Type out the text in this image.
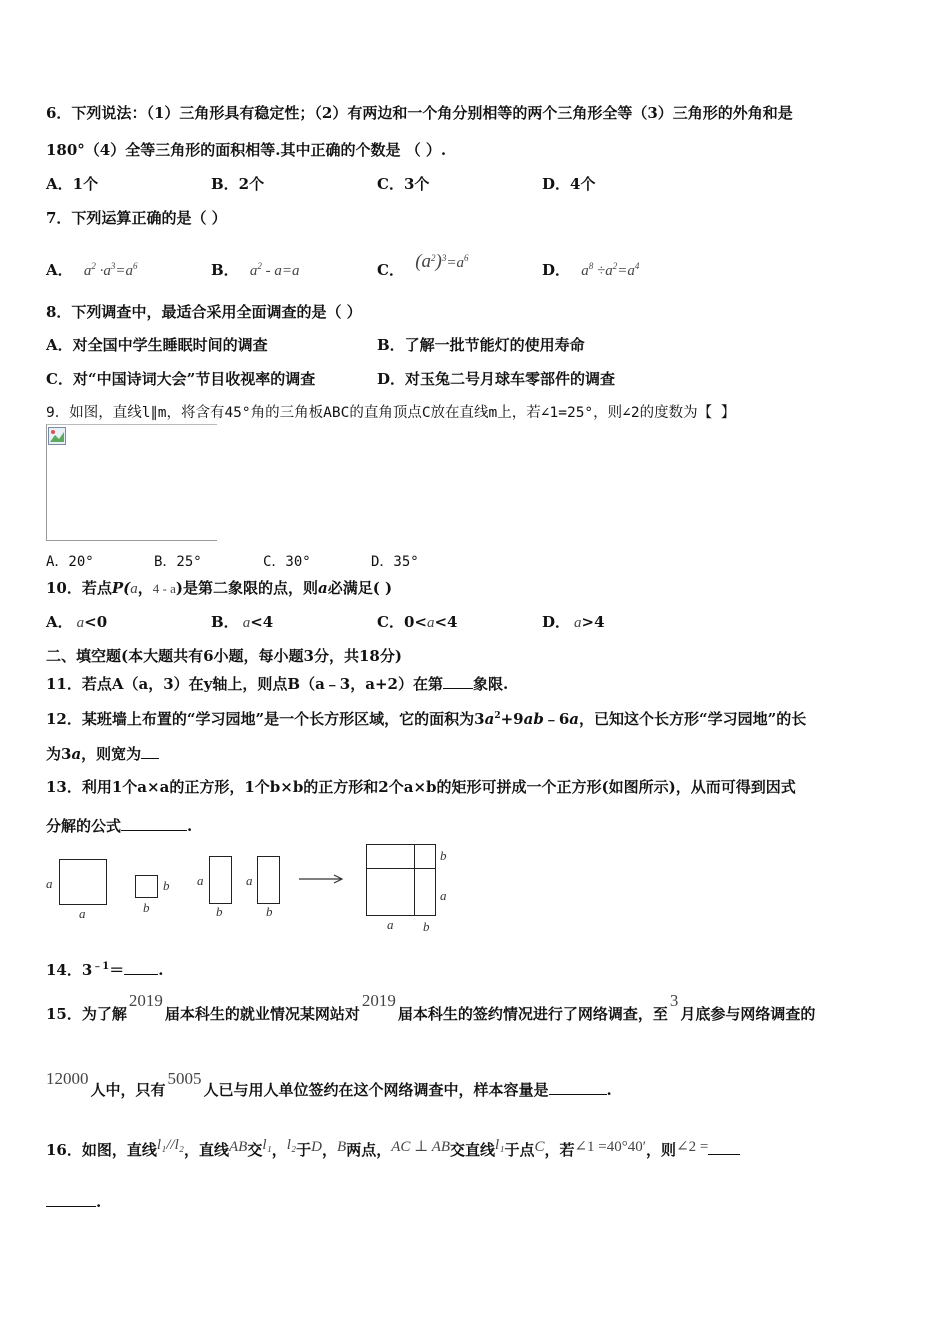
6．下列说法：（1）三角形具有稳定性；（2）有两边和一个角分别相等的两个三角形全等（3）三角形的外角和是
180°（4）全等三角形的面积相等.其中正确的个数是 （ ）.
A．1个	B．2个	C．3个	D．4个
7．下列运算正确的是（ ）
A． $a^2 \cdot a^3=a^6$	B． $a^2 - a=a$	C． $(a^2)^3=a^6$
D． $a^8 \div a^2=a^4$
8．下列调查中，最适合采用全面调查的是（ ）
A．对全国中学生睡眠时间的调查	B．了解一批节能灯的使用寿命
C．对“中国诗词大会”节目收视率的调查	D．对玉兔二号月球车零部件的调查
9．如图，直线l∥m，将含有45°角的三角板ABC的直角顶点C放在直线m上，若∠1=25°，则∠2的度数为【 】
A．20°	B．25°	C．30°	D．35°
10．若点P(a，4 - a)是第二象限的点，则a必满足( )
A． a<0	B． a<4	C．0<a<4	D． a>4
二、填空题(本大题共有6小题，每小题3分，共18分)
11．若点A（a，3）在y轴上，则点B（a﹣3，a+2）在第 象限.
12．某班墙上布置的“学习园地”是一个长方形区域，它的面积为$3a^2+9ab﹣6a$，已知这个长方形“学习园地”的长
为3a，则宽为
13．利用1个a×a的正方形，1个b×b的正方形和2个a×b的矩形可拼成一个正方形(如图所示)，从而可得到因式
分解的公式	.
a
a
b
b
a
b
a
b
b
a
a b
14．$3^{﹣1}=$ .
15．为了解2019届本科生的就业情况某网站对2019届本科生的签约情况进行了网络调查，至3月底参与网络调查的
12000人中，只有5005人已与用人单位签约在这个网络调查中，样本容量是	.
16．如图，直线l₁//l₂，直线AB交l₁，l₂于D，B两点，AC ⊥ AB交直线l₁于点C，若∠1 =40°40′，则∠2 =
.
